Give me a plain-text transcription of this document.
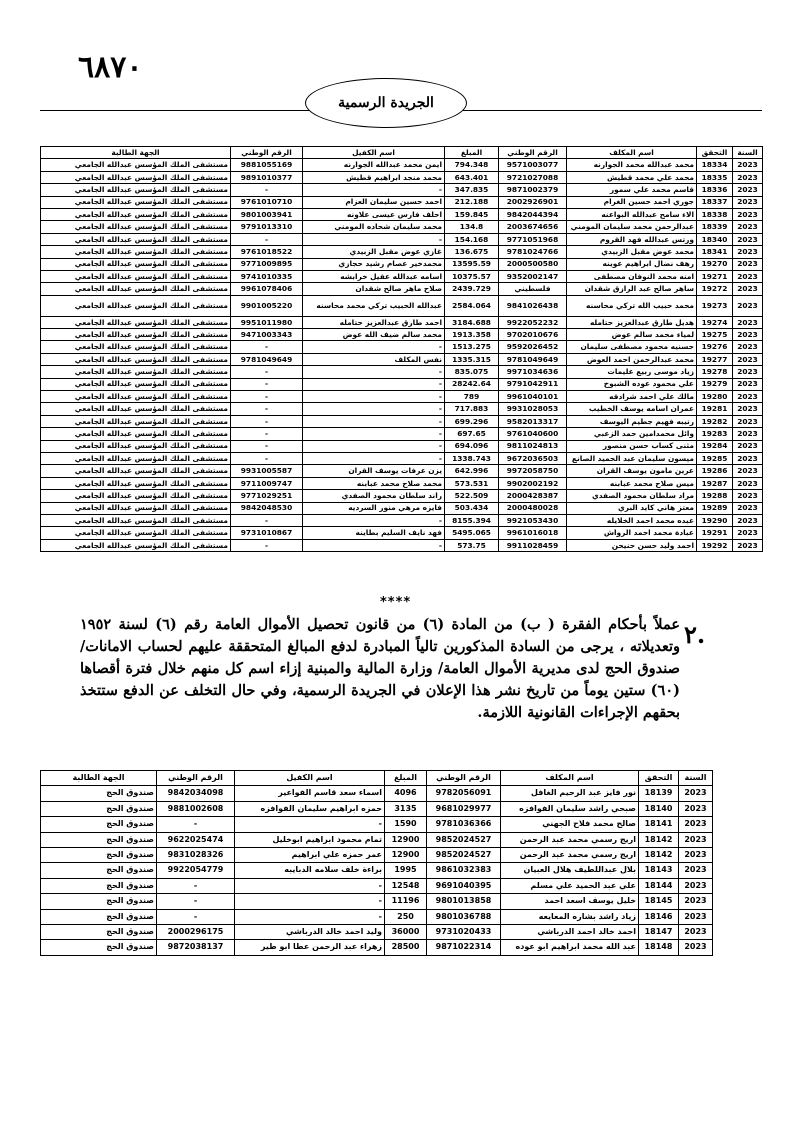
٦٨٧٠
الجريدة الرسمية
السنة	التحقق	اسم المكلف	الرقم الوطني	المبلغ	اسم الكفيل	الرقم الوطني	الجهة الطالبة
2023	18334	محمد عبدالله محمد الجوارنه	9571003077	794.348	ايمن محمد عبدالله الجوارنه	9881055169	مستشفى الملك المؤسس عبدالله الجامعي
2023	18335	محمد علي محمد قطيش	9721027088	643.401	محمد منجد ابراهيم قطيش	9891010377	مستشفى الملك المؤسس عبدالله الجامعي
2023	18336	قاسم محمد علي سمور	9871002379	347.835	-	-	مستشفى الملك المؤسس عبدالله الجامعي
2023	18337	جوري احمد حسين الغرام	2002926901	212.188	احمد حسين سليمان العزام	9761010710	مستشفى الملك المؤسس عبدالله الجامعي
2023	18338	الاء سامح عبدالله البواعنه	9842044394	159.845	احلف فارس عيسى علاونه	9801003941	مستشفى الملك المؤسس عبدالله الجامعي
2023	18339	عبدالرحمن محمد سليمان المومني	2003674656	134.8	محمد سليمان شحاده المومني	9791013310	مستشفى الملك المؤسس عبدالله الجامعي
2023	18340	ورتس عبدالله فهد القروم	9771051968	154.168	-	-	مستشفى الملك المؤسس عبدالله الجامعي
2023	18341	محمد عوض مقبل الزبيدي	9781024766	136.675	غازي عوض مقبل الزبيدي	9761018522	مستشفى الملك المؤسس عبدالله الجامعي
2023	19270	رهف نضال ابراهيم عوينه	2000500580	13595.59	محمدخير عصام رشيد حجازي	9771009895	مستشفى الملك المؤسس عبدالله الجامعي
2023	19271	امنه محمد النوفان مصطفى	9352002147	10375.57	اسامه عبدالله عقيل خرابشه	9741010335	مستشفى الملك المؤسس عبدالله الجامعي
2023	19272	ساهر صالح عبد الرازق شقدان	فلسطيني	2439.729	صلاح ماهر صالح شقدان	9961078406	مستشفى الملك المؤسس عبدالله الجامعي
2023	19273	محمد حبيب الله تركي محاسنه	9841026438	2584.064	عبدالله الحبيب تركي محمد محاسنه	9901005220	مستشفى الملك المؤسس عبدالله الجامعي
2023	19274	هديل طارق عبدالعزيز حتامله	9922052232	3184.688	احمد طارق عبدالعزيز حتامله	9951011980	مستشفى الملك المؤسس عبدالله الجامعي
2023	19275	لمياء محمد سالم عوض	9702010676	1913.358	محمد سالم ضيف الله عوض	9471003343	مستشفى الملك المؤسس عبدالله الجامعي
2023	19276	حسنيه محمود مصطفى سليمان	9592026452	1513.275	-	-	مستشفى الملك المؤسس عبدالله الجامعي
2023	19277	محمد عبدالرحمن احمد العوض	9781049649	1335.315	نفس المكلف	9781049649	مستشفى الملك المؤسس عبدالله الجامعي
2023	19278	زياد موسى ربيع عليمات	9971034636	835.075	-	-	مستشفى الملك المؤسس عبدالله الجامعي
2023	19279	علي محمود عوده الشبوخ	9791042911	28242.64	-	-	مستشفى الملك المؤسس عبدالله الجامعي
2023	19280	مالك علي احمد شرادقه	9961040101	789	-	-	مستشفى الملك المؤسس عبدالله الجامعي
2023	19281	عمران اسامه يوسف الخطيب	9931028053	717.883	-	-	مستشفى الملك المؤسس عبدالله الجامعي
2023	19282	رتيبه فهيم جطيم اليوسف	9582013317	699.296	-	-	مستشفى الملك المؤسس عبدالله الجامعي
2023	19283	وائل محمدامين حمد الزعبي	9761040600	697.65	-	-	مستشفى الملك المؤسس عبدالله الجامعي
2023	19284	مثنى كساب حسن منصور	9811024813	694.096	-	-	مستشفى الملك المؤسس عبدالله الجامعي
2023	19285	ميسون سليمان عبد الحميد الصانع	9672036503	1338.743	-	-	مستشفى الملك المؤسس عبدالله الجامعي
2023	19286	عرين مامون يوسف القران	9972058750	642.996	يزن عرفات يوسف القران	9931005587	مستشفى الملك المؤسس عبدالله الجامعي
2023	19287	ميس صلاح محمد عبابنه	9902002192	573.531	محمد صلاح محمد عبابنه	9711009747	مستشفى الملك المؤسس عبدالله الجامعي
2023	19288	مراد سلطان محمود الصفدي	2000428387	522.509	راند سلطان محمود الصفدي	9771029251	مستشفى الملك المؤسس عبدالله الجامعي
2023	19289	معتز هاني كايد البري	2000480028	503.434	فايزه مرهي منور السرديه	9842048530	مستشفى الملك المؤسس عبدالله الجامعي
2023	19290	عبده محمد احمد الخلايله	9921053430	8155.394	-	-	مستشفى الملك المؤسس عبدالله الجامعي
2023	19291	عبادة محمد احمد الرواش	9961016018	5495.065	فهد نايف السليم بطاينه	9731010867	مستشفى الملك المؤسس عبدالله الجامعي
2023	19292	احمد وليد حسن حنيحن	9911028459	573.75	-	-	مستشفى الملك المؤسس عبدالله الجامعي
****
٢.
عملاً بأحكام الفقرة ( ب) من المادة (٦) من قانون تحصيل الأموال العامة رقم (٦) لسنة ١٩٥٢ وتعديلاته ، يرجى من السادة المذكورين تالياً المبادرة لدفع المبالغ المتحققة عليهم لحساب الامانات/صندوق الحج لدى مديرية الأموال العامة/ وزارة المالية والمبنية إزاء اسم كل منهم خلال فترة أقصاها (٦٠) ستين يوماً من تاريخ نشر هذا الإعلان في الجريدة الرسمية، وفي حال التخلف عن الدفع ستتخذ بحقهم الإجراءات القانونية اللازمة.
السنة	التحقق	اسم المكلف	الرقم الوطني	المبلغ	اسم الكفيل	الرقم الوطني	الجهة الطالبة
2023	18139	نور فايز عبد الرحيم الغافل	9782056091	4096	اسماء سعد قاسم الفواعير	9842034098	صندوق الحج
2023	18140	صبحي راشد سليمان الفوافزه	9681029977	3135	حمزه ابراهيم سليمان الفوافزه	9881002608	صندوق الحج
2023	18141	صالح محمد فلاح الجهني	9781036366	1590	-	-	صندوق الحج
2023	18142	اريج رسمي محمد عبد الرحمن	9852024527	12900	تمام محمود ابراهيم ابوخليل	9622025474	صندوق الحج
2023	18142	اريج رسمي محمد عبد الرحمن	9852024527	12900	عمر حمزه علي ابراهيم	9831028326	صندوق الحج
2023	18143	بلال عبداللطيف هلال العبيان	9861032383	1995	براءة خلف سلامه الدبايبه	9922054779	صندوق الحج
2023	18144	علي عبد الحميد علي مسلم	9691040395	12548	-	-	صندوق الحج
2023	18145	خليل يوسف اسعد احمد	9801013858	11196	-	-	صندوق الحج
2023	18146	زياد راشد بشاره المعايعه	9801036788	250	-	-	صندوق الحج
2023	18147	احمد خالد احمد الدرباشي	9731020433	36000	وليد احمد خالد الدرباشي	2000296175	صندوق الحج
2023	18148	عبد الله محمد ابراهيم ابو عوده	9871022314	28500	زهراء عبد الرحمن عطا ابو طير	9872038137	صندوق الحج
